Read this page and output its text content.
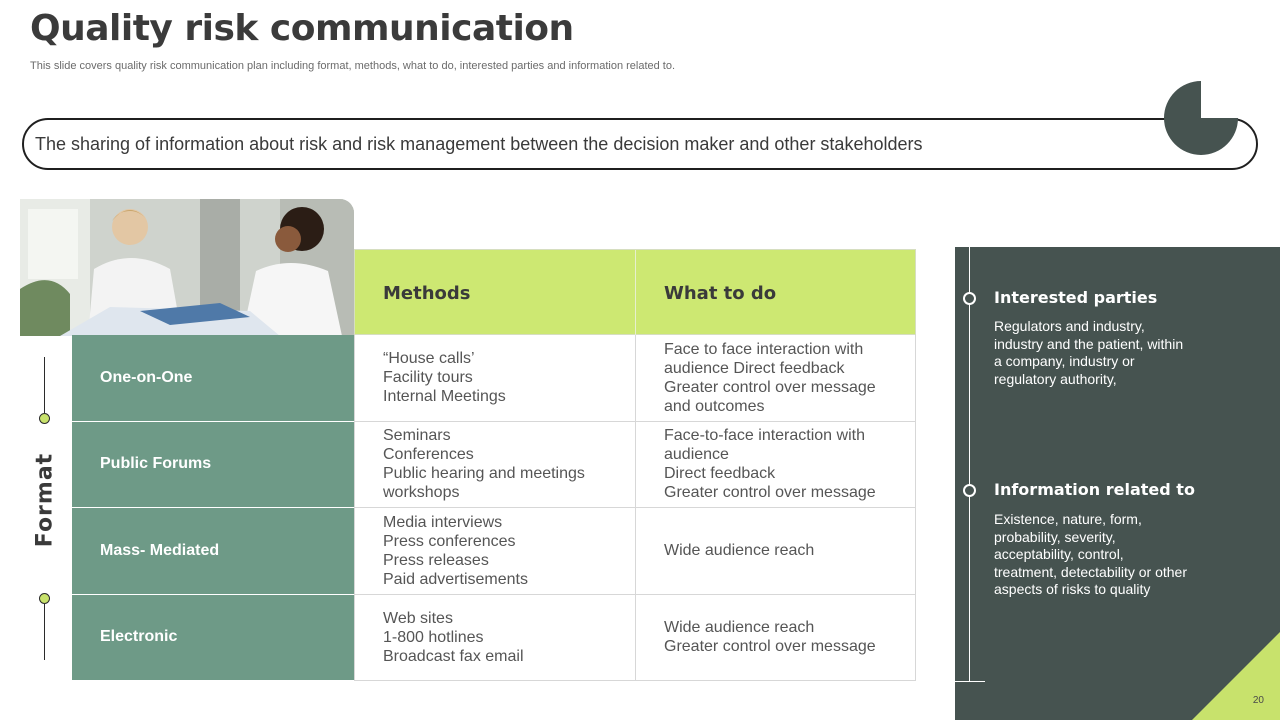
Quality risk communication
This slide covers quality risk communication plan including format, methods, what to do, interested parties and information related to.
The sharing of information about risk and risk management between the decision maker and other stakeholders
Format
Methods	What to do
One-on-One
“House calls’
Facility tours
Internal Meetings
Face to face interaction with
audience Direct feedback
Greater control over message
and outcomes
Public Forums
Seminars
Conferences
Public hearing and meetings
workshops
Face-to-face interaction with
audience
Direct feedback
Greater control over message
Mass- Mediated
Media interviews
Press conferences
Press releases
Paid advertisements
Wide audience reach
Electronic
Web sites
1-800 hotlines
Broadcast fax email
Wide audience reach
Greater control over message
Interested parties
Regulators and industry,
industry and the patient, within
a company, industry or
regulatory authority,
Information related to
Existence, nature, form,
probability, severity,
acceptability, control,
treatment, detectability or other
aspects of risks to quality
20
